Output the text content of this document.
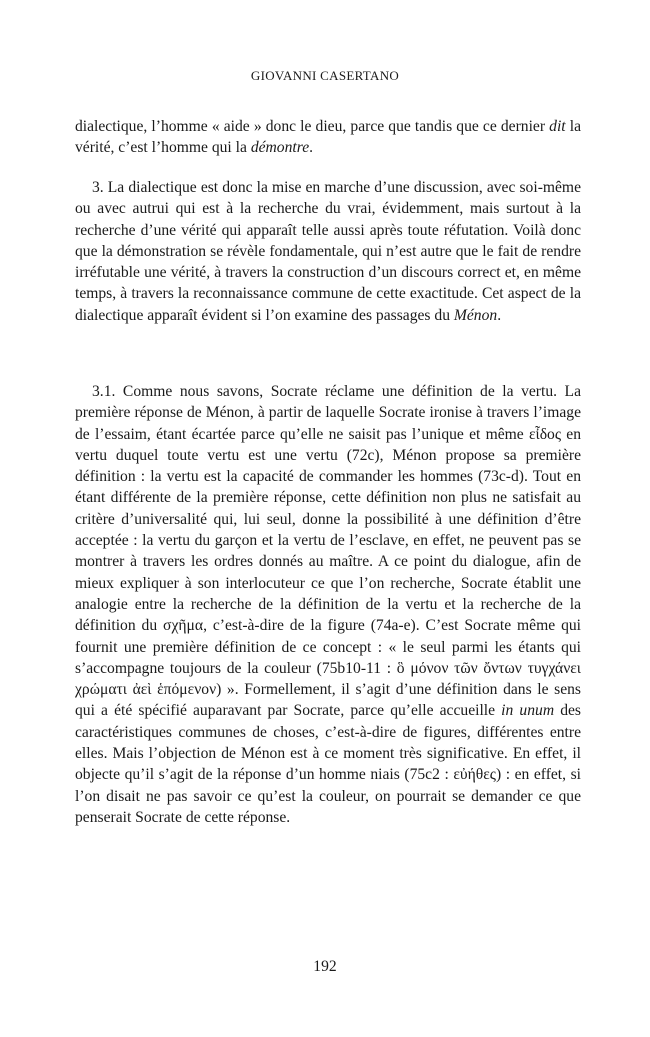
GIOVANNI CASERTANO

dialectique, l’homme « aide » donc le dieu, parce que tandis que ce dernier dit la vérité, c’est l’homme qui la démontre.

3. La dialectique est donc la mise en marche d’une discussion, avec soi-même ou avec autrui qui est à la recherche du vrai, évidemment, mais surtout à la recherche d’une vérité qui apparaît telle aussi après toute réfutation. Voilà donc que la démonstration se révèle fondamentale, qui n’est autre que le fait de rendre irréfutable une vérité, à travers la construction d’un discours correct et, en même temps, à travers la reconnaissance commune de cette exactitude. Cet aspect de la dialectique apparaît évident si l’on examine des passages du Ménon.

3.1. Comme nous savons, Socrate réclame une définition de la vertu. La première réponse de Ménon, à partir de laquelle Socrate ironise à travers l’image de l’essaim, étant écartée parce qu’elle ne saisit pas l’unique et même εἶδος en vertu duquel toute vertu est une vertu (72c), Ménon propose sa première définition : la vertu est la capacité de commander les hommes (73c-d). Tout en étant différente de la première réponse, cette définition non plus ne satisfait au critère d’universalité qui, lui seul, donne la possibilité à une définition d’être acceptée : la vertu du garçon et la vertu de l’esclave, en effet, ne peuvent pas se montrer à travers les ordres donnés au maître. A ce point du dialogue, afin de mieux expliquer à son interlocuteur ce que l’on recherche, Socrate établit une analogie entre la recherche de la définition de la vertu et la recherche de la définition du σχῆμα, c’est-à-dire de la figure (74a-e). C’est Socrate même qui fournit une première définition de ce concept : « le seul parmi les étants qui s’accompagne toujours de la couleur (75b10-11 : ὃ μόνον τῶν ὄντων τυγχάνει χρώματι ἀεὶ ἑπόμενον) ». Formellement, il s’agit d’une définition dans le sens qui a été spécifié auparavant par Socrate, parce qu’elle accueille in unum des caractéristiques communes de choses, c’est-à-dire de figures, différentes entre elles. Mais l’objection de Ménon est à ce moment très significative. En effet, il objecte qu’il s’agit de la réponse d’un homme niais (75c2 : εὐήθες) : en effet, si l’on disait ne pas savoir ce qu’est la couleur, on pourrait se demander ce que penserait Socrate de cette réponse.

192
